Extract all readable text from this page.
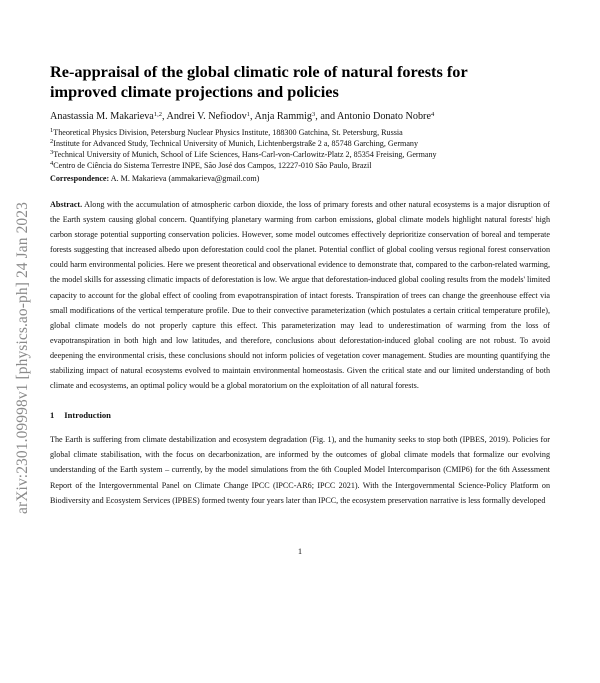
arXiv:2301.09998v1 [physics.ao-ph] 24 Jan 2023
Re-appraisal of the global climatic role of natural forests for
improved climate projections and policies

Anastassia M. Makarieva$^{1,2}$, Andrei V. Nefiodov$^1$, Anja Rammig$^3$, and Antonio Donato Nobre$^4$

$^1$Theoretical Physics Division, Petersburg Nuclear Physics Institute, 188300 Gatchina, St. Petersburg, Russia

$^2$Institute for Advanced Study, Technical University of Munich, Lichtenbergstraße 2 a, 85748 Garching, Germany

$^3$Technical University of Munich, School of Life Sciences, Hans-Carl-von-Carlowitz-Platz 2, 85354 Freising, Germany

$^4$Centro de Ciência do Sistema Terrestre INPE, São José dos Campos, 12227-010 São Paulo, Brazil

Correspondence: A. M. Makarieva (ammakarieva@gmail.com)

Abstract. Along with the accumulation of atmospheric carbon dioxide, the loss of primary forests and other natural ecosystems is a major disruption of the Earth system causing global concern. Quantifying planetary warming from carbon emissions, global climate models highlight natural forests' high carbon storage potential supporting conservation policies. However, some model outcomes effectively deprioritize conservation of boreal and temperate forests suggesting that increased albedo upon deforestation could cool the planet. Potential conflict of global cooling versus regional forest conservation could harm environmental policies. Here we present theoretical and observational evidence to demonstrate that, compared to the carbon-related warming, the model skills for assessing climatic impacts of deforestation is low. We argue that deforestation-induced global cooling results from the models' limited capacity to account for the global effect of cooling from evapotranspiration of intact forests. Transpiration of trees can change the greenhouse effect via small modifications of the vertical temperature profile. Due to their convective parameterization (which postulates a certain critical temperature profile), global climate models do not properly capture this effect. This parameterization may lead to underestimation of warming from the loss of evapotranspiration in both high and low latitudes, and therefore, conclusions about deforestation-induced global cooling are not robust. To avoid deepening the environmental crisis, these conclusions should not inform policies of vegetation cover management. Studies are mounting quantifying the stabilizing impact of natural ecosystems evolved to maintain environmental homeostasis. Given the critical state and our limited understanding of both climate and ecosystems, an optimal policy would be a global moratorium on the exploitation of all natural forests.

1 Introduction

The Earth is suffering from climate destabilization and ecosystem degradation (Fig. 1), and the humanity seeks to stop both (IPBES, 2019). Policies for global climate stabilisation, with the focus on decarbonization, are informed by the outcomes of global climate models that formalize our evolving understanding of the Earth system – currently, by the model simulations from the 6th Coupled Model Intercomparison (CMIP6) for the 6th Assessment Report of the Intergovernmental Panel on Climate Change IPCC (IPCC-AR6; IPCC 2021). With the Intergovernmental Science-Policy Platform on Biodiversity and Ecosystem Services (IPBES) formed twenty four years later than IPCC, the ecosystem preservation narrative is less formally developed

1
